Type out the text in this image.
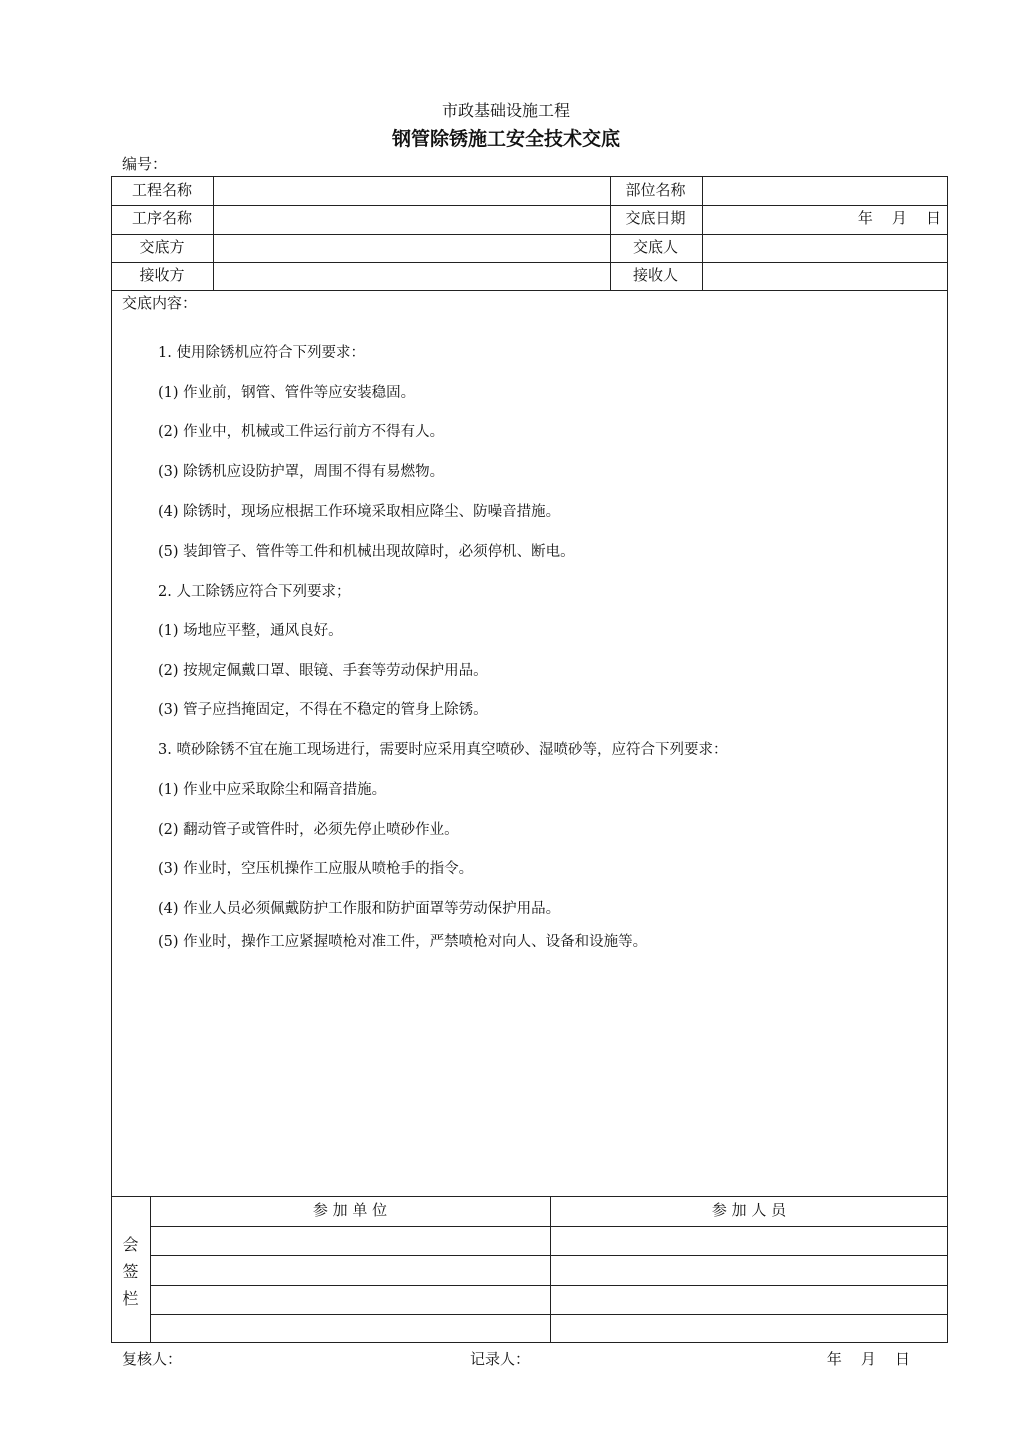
市政基础设施工程
钢管除锈施工安全技术交底
编号：
工程名称	部位名称
工序名称	交底日期	年    月    日
交底方	交底人
接收方	接收人
交底内容：
1. 使用除锈机应符合下列要求：
(1) 作业前，钢管、管件等应安装稳固。
(2) 作业中，机械或工件运行前方不得有人。
(3) 除锈机应设防护罩，周围不得有易燃物。
(4) 除锈时，现场应根据工作环境采取相应降尘、防噪音措施。
(5) 装卸管子、管件等工件和机械出现故障时，必须停机、断电。
2. 人工除锈应符合下列要求；
(1) 场地应平整，通风良好。
(2) 按规定佩戴口罩、眼镜、手套等劳动保护用品。
(3) 管子应挡掩固定，不得在不稳定的管身上除锈。
3. 喷砂除锈不宜在施工现场进行，需要时应采用真空喷砂、湿喷砂等，应符合下列要求：
(1) 作业中应采取除尘和隔音措施。
(2) 翻动管子或管件时，必须先停止喷砂作业。
(3) 作业时，空压机操作工应服从喷枪手的指令。
(4) 作业人员必须佩戴防护工作服和防护面罩等劳动保护用品。
(5) 作业时，操作工应紧握喷枪对准工件，严禁喷枪对向人、设备和设施等。
会
签
栏
参 加 单 位	参 加 人 员
复核人：	记录人：	年    月    日
